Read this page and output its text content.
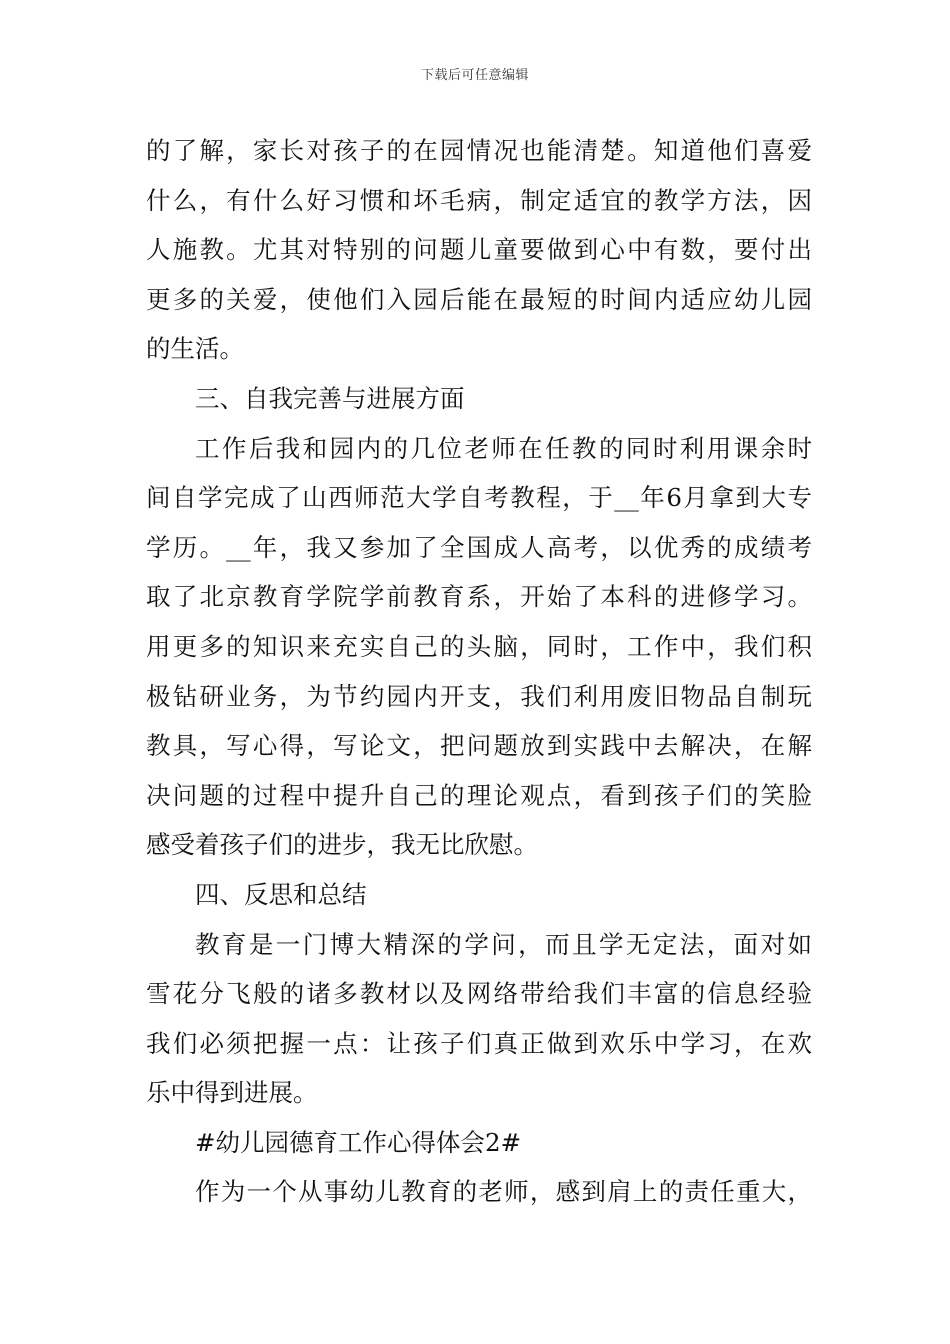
下载后可任意编辑
的了解，家长对孩子的在园情况也能清楚。知道他们喜爱
什么，有什么好习惯和坏毛病，制定适宜的教学方法，因
人施教。尤其对特别的问题儿童要做到心中有数，要付出
更多的关爱，使他们入园后能在最短的时间内适应幼儿园
的生活。
三、自我完善与进展方面
工作后我和园内的几位老师在任教的同时利用课余时
间自学完成了山西师范大学自考教程，于__年6月拿到大专
学历。__年，我又参加了全国成人高考，以优秀的成绩考
取了北京教育学院学前教育系，开始了本科的进修学习。
用更多的知识来充实自己的头脑，同时，工作中，我们积
极钻研业务，为节约园内开支，我们利用废旧物品自制玩
教具，写心得，写论文，把问题放到实践中去解决，在解
决问题的过程中提升自己的理论观点，看到孩子们的笑脸
感受着孩子们的进步，我无比欣慰。
四、反思和总结
教育是一门博大精深的学问，而且学无定法，面对如
雪花分飞般的诸多教材以及网络带给我们丰富的信息经验
我们必须把握一点：让孩子们真正做到欢乐中学习，在欢
乐中得到进展。
#幼儿园德育工作心得体会2#
作为一个从事幼儿教育的老师，感到肩上的责任重大，
